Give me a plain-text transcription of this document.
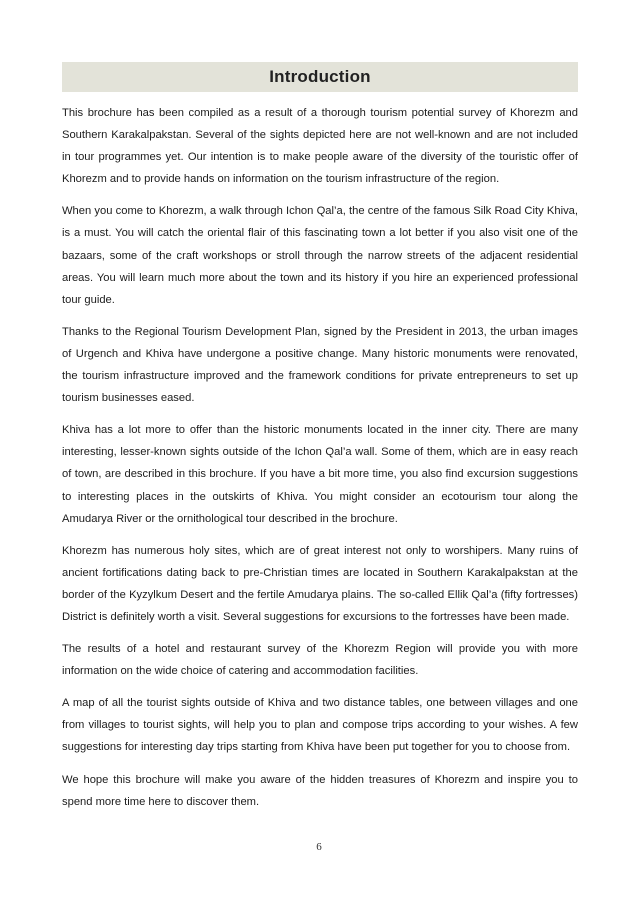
Introduction

This brochure has been compiled as a result of a thorough tourism potential survey of Khorezm and Southern Karakalpakstan. Several of the sights depicted here are not well-known and are not included in tour programmes yet. Our intention is to make people aware of the diversity of the touristic offer of Khorezm and to provide hands on information on the tourism infrastructure of the region.

When you come to Khorezm, a walk through Ichon Qal’a, the centre of the famous Silk Road City Khiva, is a must. You will catch the oriental flair of this fascinating town a lot better if you also visit one of the bazaars, some of the craft workshops or stroll through the narrow streets of the adjacent residential areas. You will learn much more about the town and its history if you hire an experienced professional tour guide.

Thanks to the Regional Tourism Development Plan, signed by the President in 2013, the urban images of Urgench and Khiva have undergone a positive change. Many historic monuments were renovated, the tourism infrastructure improved and the framework conditions for private entrepreneurs to set up tourism businesses eased.

Khiva has a lot more to offer than the historic monuments located in the inner city. There are many interesting, lesser-known sights outside of the Ichon Qal’a wall. Some of them, which are in easy reach of town, are described in this brochure. If you have a bit more time, you also find excursion suggestions to interesting places in the outskirts of Khiva. You might consider an ecotourism tour along the Amudarya River or the ornithological tour described in the brochure.

Khorezm has numerous holy sites, which are of great interest not only to worshipers. Many ruins of ancient fortifications dating back to pre-Christian times are located in Southern Karakalpakstan at the border of the Kyzylkum Desert and the fertile Amudarya plains. The so-called Ellik Qal’a (fifty fortresses) District is definitely worth a visit. Several suggestions for excursions to the fortresses have been made.

The results of a hotel and restaurant survey of the Khorezm Region will provide you with more information on the wide choice of catering and accommodation facilities.

A map of all the tourist sights outside of Khiva and two distance tables, one between villages and one from villages to tourist sights, will help you to plan and compose trips according to your wishes. A few suggestions for interesting day trips starting from Khiva have been put together for you to choose from.

We hope this brochure will make you aware of the hidden treasures of Khorezm and inspire you to spend more time here to discover them.

6
